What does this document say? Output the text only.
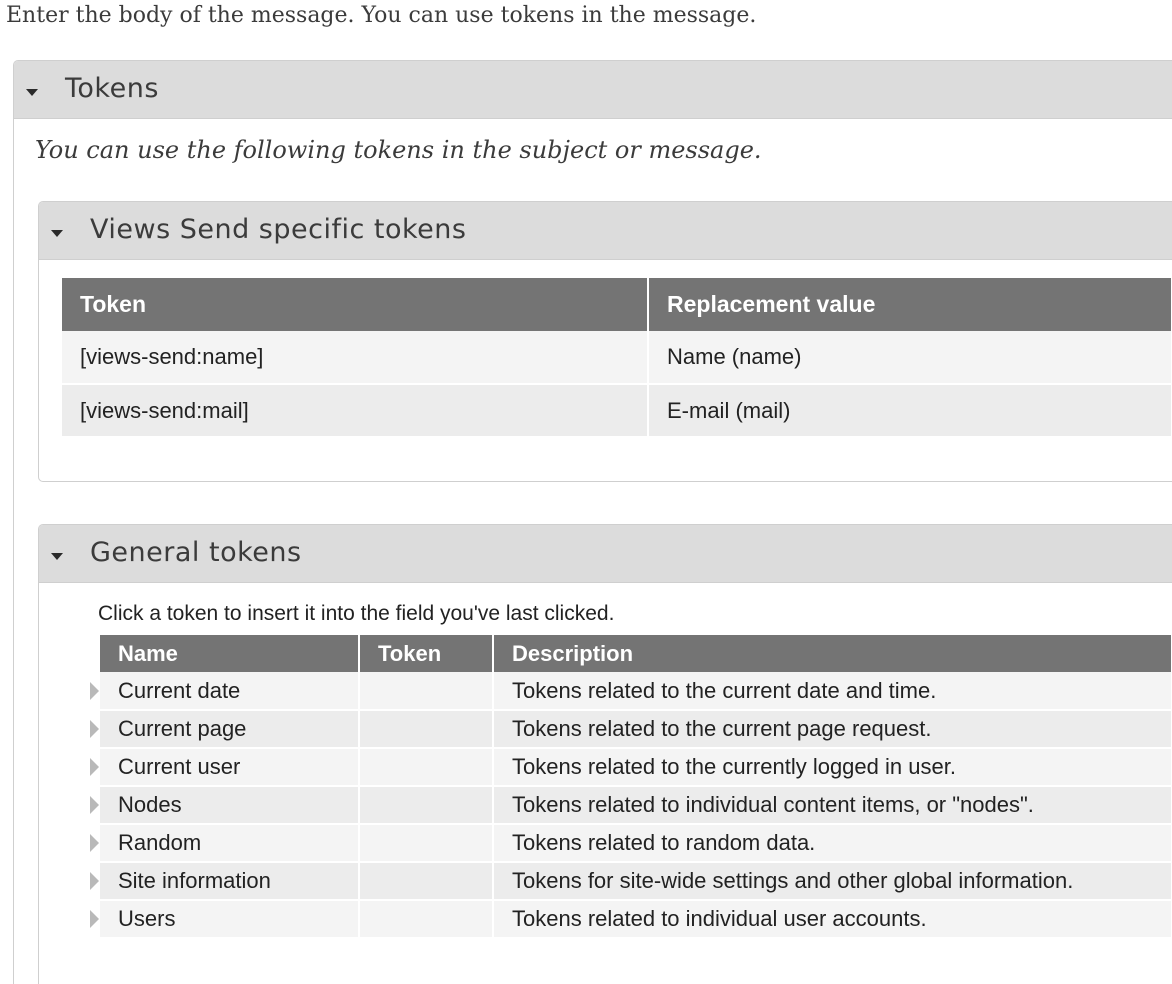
Enter the body of the message. You can use tokens in the message.
Tokens
You can use the following tokens in the subject or message.
Views Send specific tokens
Token	Replacement value
[views-send:name]	Name (name)
[views-send:mail]	E-mail (mail)
General tokens
Click a token to insert it into the field you've last clicked.
Name	Token	Description

Current date		Tokens related to the current date and time.

Current page		Tokens related to the current page request.

Current user		Tokens related to the currently logged in user.

Nodes		Tokens related to individual content items, or "nodes".

Random		Tokens related to random data.

Site information		Tokens for site-wide settings and other global information.

Users		Tokens related to individual user accounts.
